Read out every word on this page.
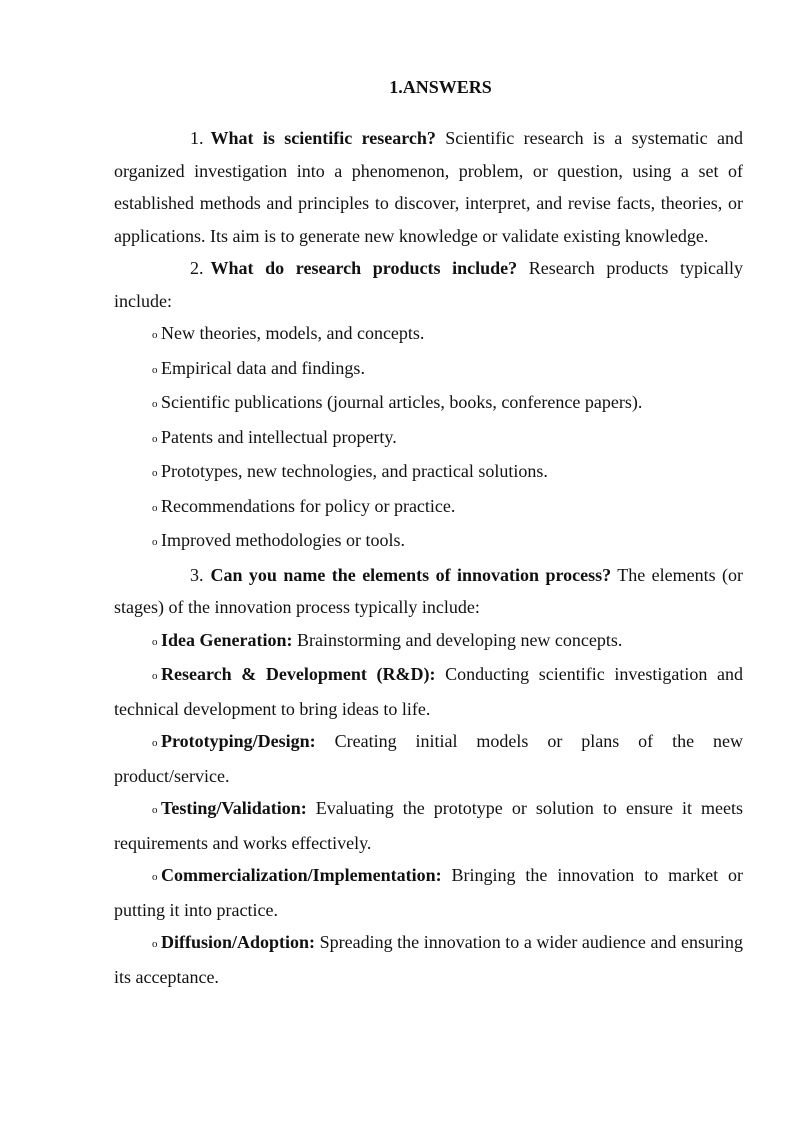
1.ANSWERS

1. What is scientific research? Scientific research is a systematic and organized investigation into a phenomenon, problem, or question, using a set of established methods and principles to discover, interpret, and revise facts, theories, or applications. Its aim is to generate new knowledge or validate existing knowledge.

2. What do research products include? Research products typically include:

o New theories, models, and concepts.

o Empirical data and findings.

o Scientific publications (journal articles, books, conference papers).

o Patents and intellectual property.

o Prototypes, new technologies, and practical solutions.

o Recommendations for policy or practice.

o Improved methodologies or tools.

3. Can you name the elements of innovation process? The elements (or stages) of the innovation process typically include:

o Idea Generation: Brainstorming and developing new concepts.

o Research & Development (R&D): Conducting scientific investigation and technical development to bring ideas to life.

o Prototyping/Design: Creating initial models or plans of the new product/service.

o Testing/Validation: Evaluating the prototype or solution to ensure it meets requirements and works effectively.

o Commercialization/Implementation: Bringing the innovation to market or putting it into practice.

o Diffusion/Adoption: Spreading the innovation to a wider audience and ensuring its acceptance.
